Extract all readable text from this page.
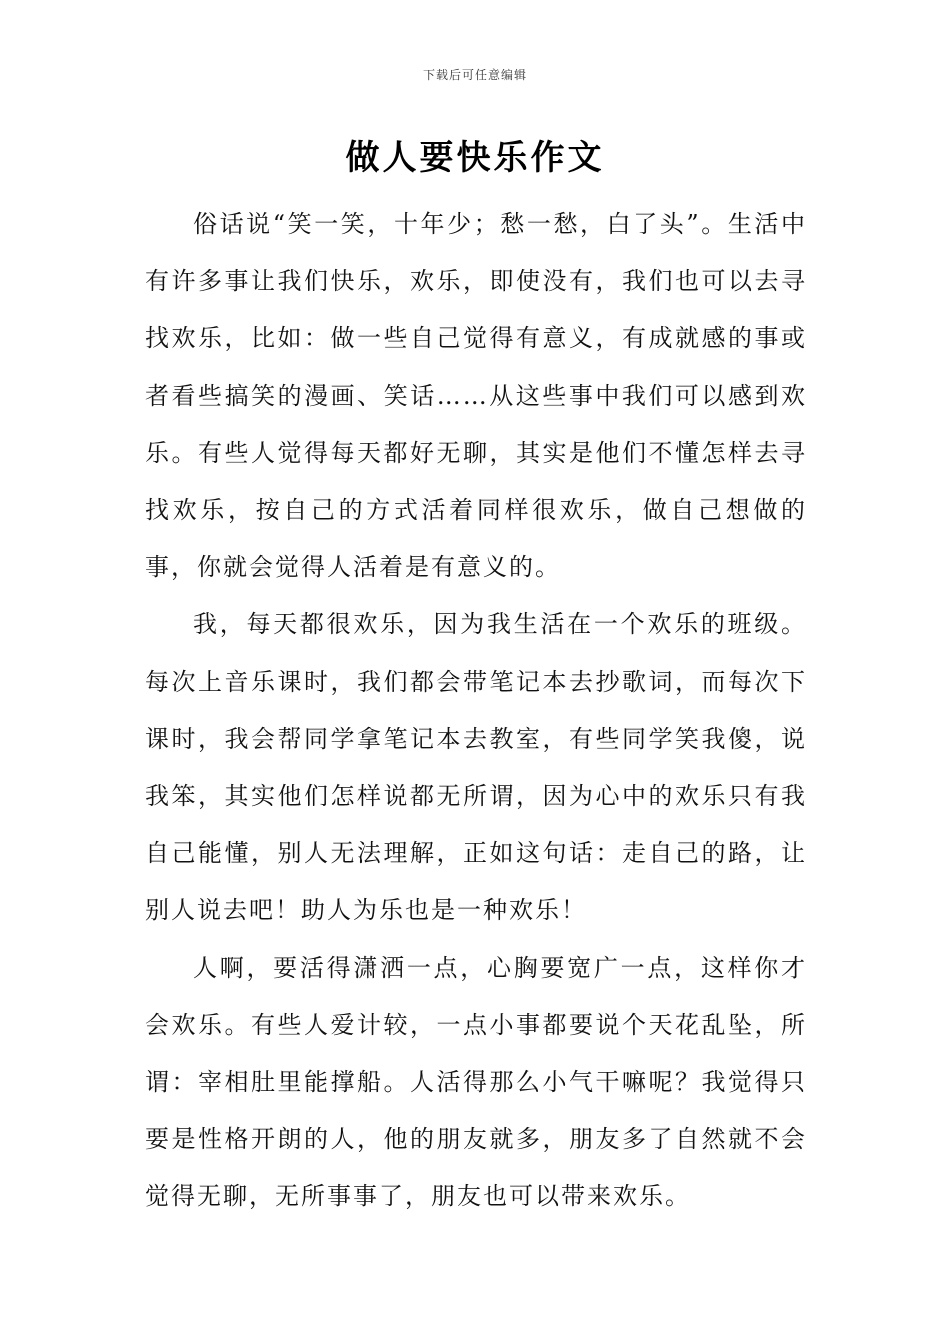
下载后可任意编辑
做人要快乐作文

俗话说“笑一笑，十年少；愁一愁，白了头”。生活中有许多事让我们快乐，欢乐，即使没有，我们也可以去寻找欢乐，比如：做一些自己觉得有意义，有成就感的事或者看些搞笑的漫画、笑话……从这些事中我们可以感到欢乐。有些人觉得每天都好无聊，其实是他们不懂怎样去寻找欢乐，按自己的方式活着同样很欢乐，做自己想做的事，你就会觉得人活着是有意义的。

我，每天都很欢乐，因为我生活在一个欢乐的班级。每次上音乐课时，我们都会带笔记本去抄歌词，而每次下课时，我会帮同学拿笔记本去教室，有些同学笑我傻，说我笨，其实他们怎样说都无所谓，因为心中的欢乐只有我自己能懂，别人无法理解，正如这句话：走自己的路，让别人说去吧！助人为乐也是一种欢乐！

人啊，要活得潇洒一点，心胸要宽广一点，这样你才会欢乐。有些人爱计较，一点小事都要说个天花乱坠，所谓：宰相肚里能撑船。人活得那么小气干嘛呢？我觉得只要是性格开朗的人，他的朋友就多，朋友多了自然就不会觉得无聊，无所事事了，朋友也可以带来欢乐。
